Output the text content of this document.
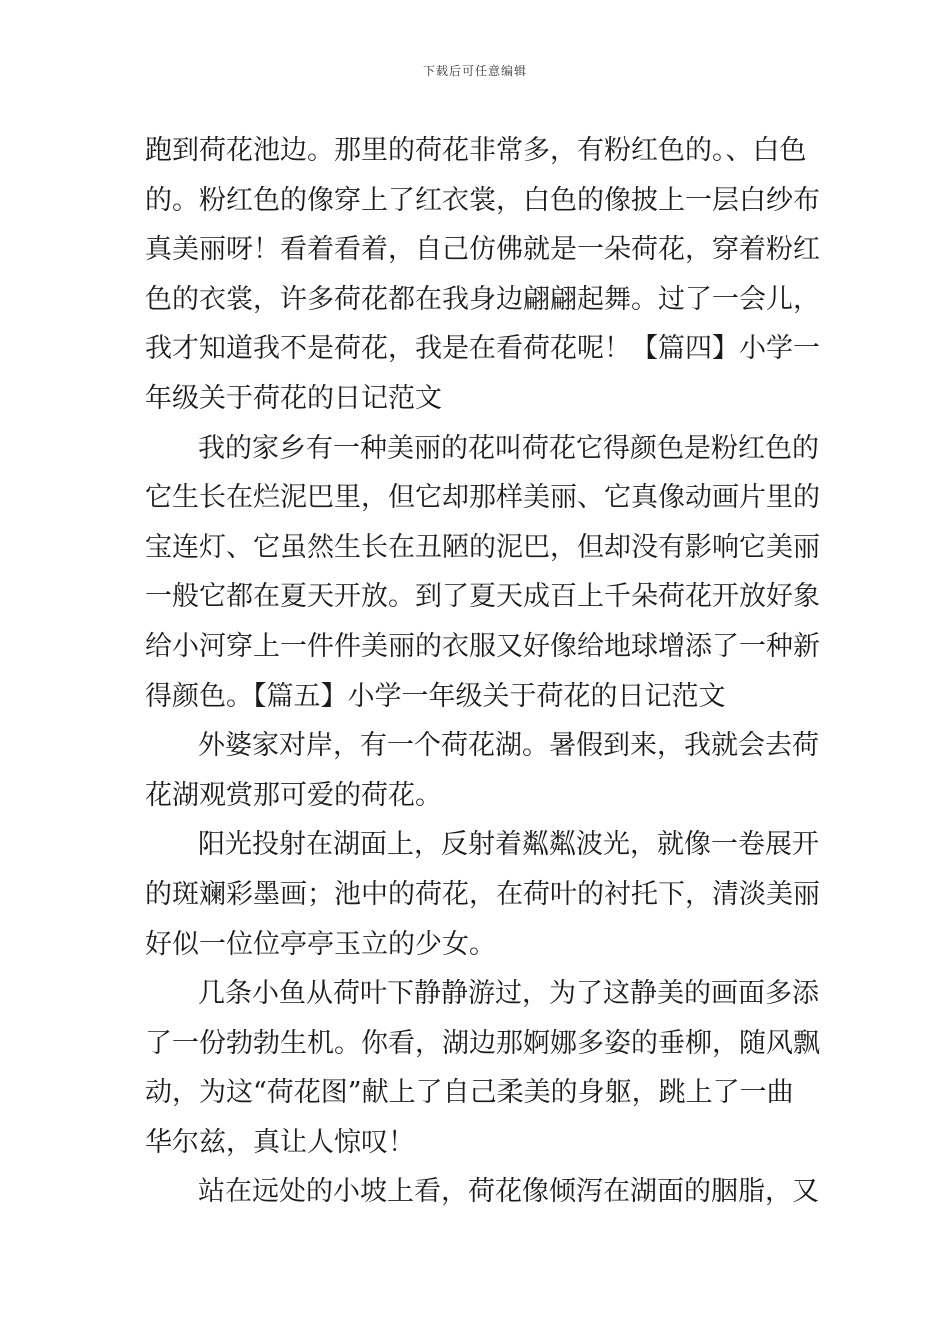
下载后可任意编辑
跑到荷花池边。那里的荷花非常多，有粉红色的。、白色
的。粉红色的像穿上了红衣裳，白色的像披上一层白纱布
真美丽呀！看着看着，自己仿佛就是一朵荷花，穿着粉红
色的衣裳，许多荷花都在我身边翩翩起舞。过了一会儿，
我才知道我不是荷花，我是在看荷花呢！【篇四】小学一
年级关于荷花的日记范文
我的家乡有一种美丽的花叫荷花它得颜色是粉红色的
它生长在烂泥巴里，但它却那样美丽、它真像动画片里的
宝连灯、它虽然生长在丑陋的泥巴，但却没有影响它美丽
一般它都在夏天开放。到了夏天成百上千朵荷花开放好象
给小河穿上一件件美丽的衣服又好像给地球增添了一种新
得颜色。【篇五】小学一年级关于荷花的日记范文
外婆家对岸，有一个荷花湖。暑假到来，我就会去荷
花湖观赏那可爱的荷花。
阳光投射在湖面上，反射着粼粼波光，就像一卷展开
的斑斓彩墨画；池中的荷花，在荷叶的衬托下，清淡美丽
好似一位位亭亭玉立的少女。
几条小鱼从荷叶下静静游过，为了这静美的画面多添
了一份勃勃生机。你看，湖边那婀娜多姿的垂柳，随风飘
动，为这“荷花图”献上了自己柔美的身躯，跳上了一曲
华尔兹，真让人惊叹！
站在远处的小坡上看，荷花像倾泻在湖面的胭脂，又
